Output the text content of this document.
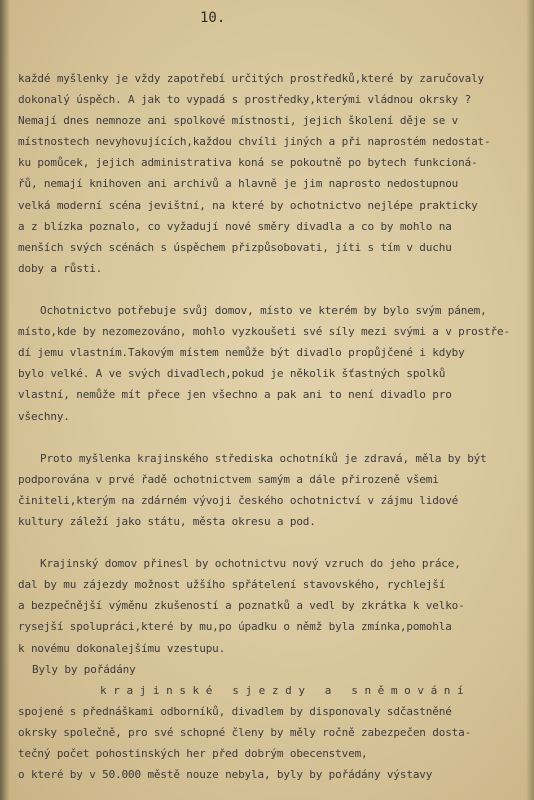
10.
každé myšlenky je vždy zapotřebí určitých prostředků,které by zaručovaly
dokonalý úspěch. A jak to vypadá s prostředky,kterými vládnou okrsky ?
Nemají dnes nemnoze ani spolkové místnosti, jejich školení děje se v
místnostech nevyhovujících,každou chvíli jiných a při naprostém nedostat-
ku pomůcek, jejich administrativa koná se pokoutně po bytech funkcioná-
řů, nemají knihoven ani archivů a hlavně je jim naprosto nedostupnou
velká moderní scéna jevištní, na které by ochotnictvo nejlépe prakticky
a z blízka poznalo, co vyžadují nové směry divadla a co by mohlo na
menších svých scénách s úspěchem přizpůsobovati, jíti s tím v duchu
doby a růsti.
Ochotnictvo potřebuje svůj domov, místo ve kterém by bylo svým pánem,
místo,kde by nezomezováno, mohlo vyzkoušeti své síly mezi svými a v prostře-
dí jemu vlastním.Takovým místem nemůže být divadlo propůjčené i kdyby
bylo velké. A ve svých divadlech,pokud je několik šťastných spolků
vlastní, nemůže mít přece jen všechno a pak ani to není divadlo pro
všechny.
Proto myšlenka krajinského střediska ochotníků je zdravá, měla by být
podporována v prvé řadě ochotnictvem samým a dále přirozeně všemi
činiteli,kterým na zdárném vývoji českého ochotnictví v zájmu lidové
kultury záleží jako státu, města okresu a pod.
Krajinský domov přinesl by ochotnictvu nový vzruch do jeho práce,
dal by mu zájezdy možnost užšího spřátelení stavovského, rychlejší
a bezpečnější výměnu zkušeností a poznatků a vedl by zkrátka k velko-
rysejší spolupráci,které by mu,po úpadku o němž byla zmínka,pomohla
k novému dokonalejšímu vzestupu.
Byly by pořádány
krajinské sjezdy a sněmování
spojené s přednáškami odborníků, divadlem by disponovaly sdčastněné
okrsky společně, pro své schopné členy by měly ročně zabezpečen dosta-
tečný počet pohostinských her před dobrým obecenstvem,
o které by v 50.000 městě nouze nebyla, byly by pořádány výstavy
